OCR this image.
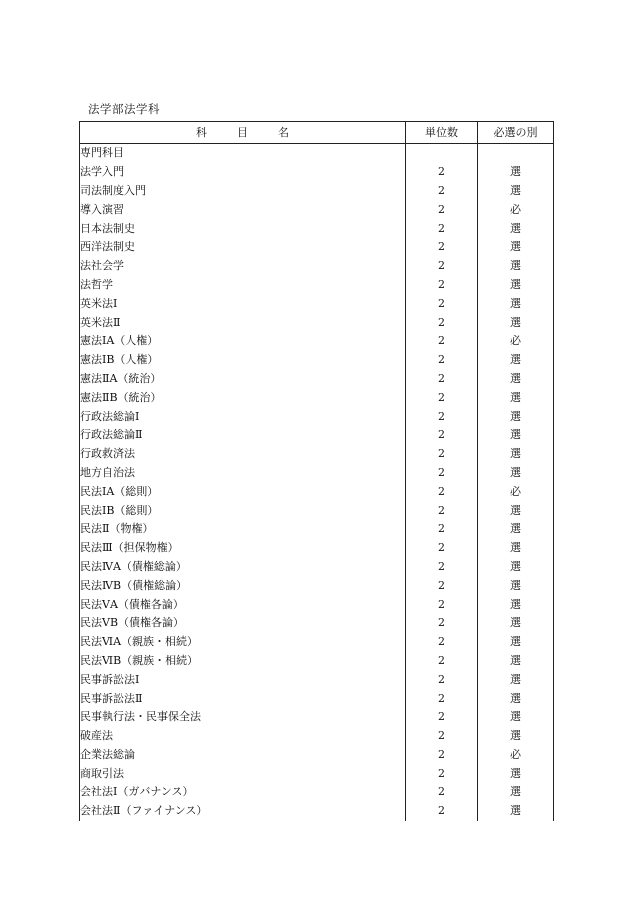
法学部法学科
科 目 名	単位数	必選の別
専門科目		
法学入門	2	選
司法制度入門	2	選
導入演習	2	必
日本法制史	2	選
西洋法制史	2	選
法社会学	2	選
法哲学	2	選
英米法Ⅰ	2	選
英米法Ⅱ	2	選
憲法ⅠA（人権）	2	必
憲法ⅠB（人権）	2	選
憲法ⅡA（統治）	2	選
憲法ⅡB（統治）	2	選
行政法総論Ⅰ	2	選
行政法総論Ⅱ	2	選
行政救済法	2	選
地方自治法	2	選
民法ⅠA（総則）	2	必
民法ⅠB（総則）	2	選
民法Ⅱ（物権）	2	選
民法Ⅲ（担保物権）	2	選
民法ⅣA（債権総論）	2	選
民法ⅣB（債権総論）	2	選
民法ⅤA（債権各論）	2	選
民法ⅤB（債権各論）	2	選
民法ⅥA（親族・相続）	2	選
民法ⅥB（親族・相続）	2	選
民事訴訟法Ⅰ	2	選
民事訴訟法Ⅱ	2	選
民事執行法・民事保全法	2	選
破産法	2	選
企業法総論	2	必
商取引法	2	選
会社法Ⅰ（ガバナンス）	2	選
会社法Ⅱ（ファイナンス）	2	選
